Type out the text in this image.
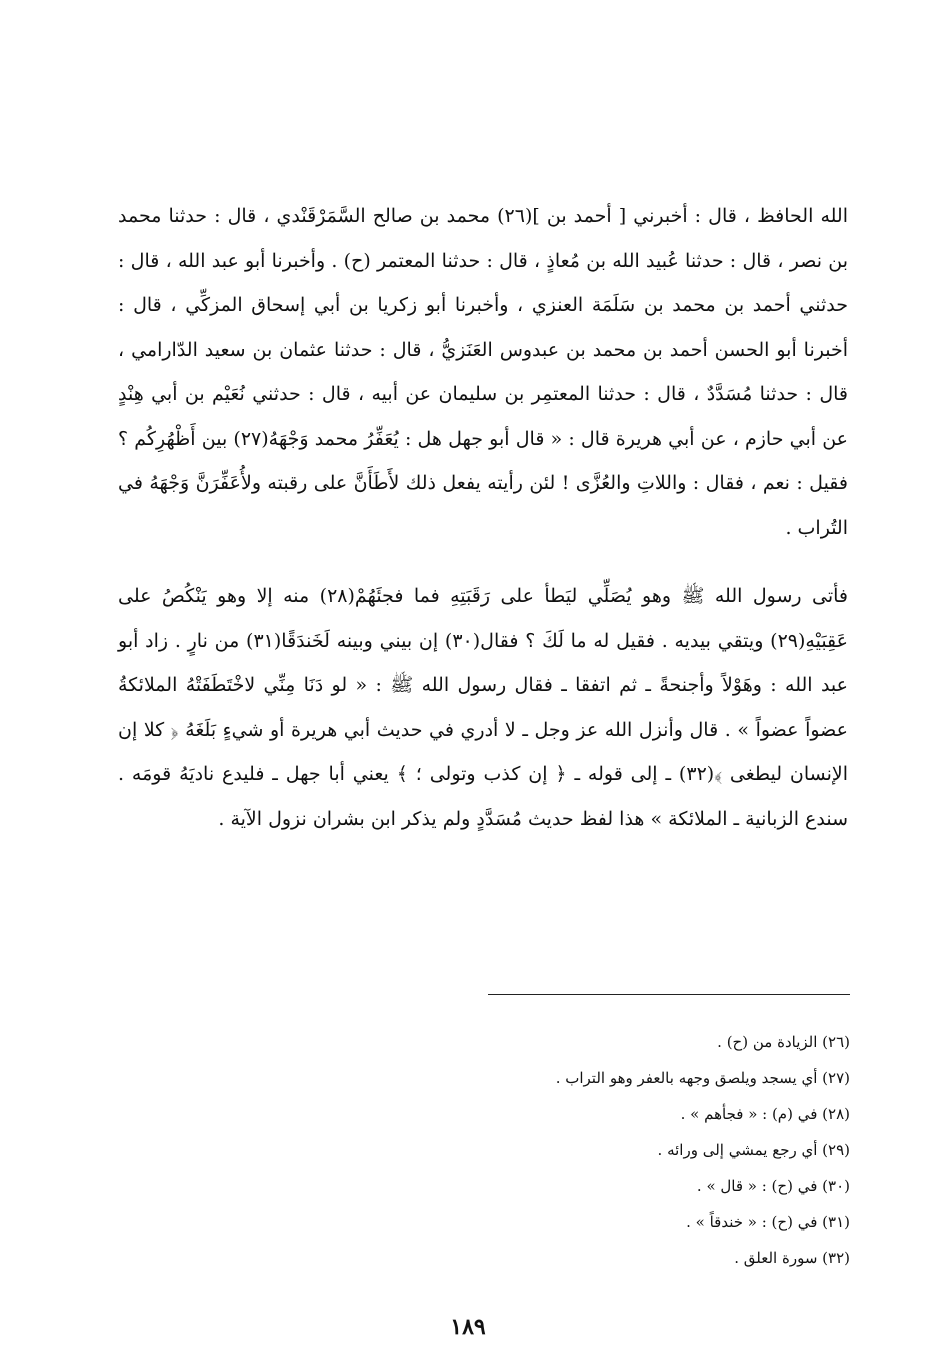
الله الحافظ ، قال : أخبرني [ أحمد بن ](٢٦) محمد بن صالح السَّمَرْقَنْدي ، قال : حدثنا محمد بن نصر ، قال : حدثنا عُبيد الله بن مُعاذٍ ، قال : حدثنا المعتمر (ح) . وأخبرنا أبو عبد الله ، قال : حدثني أحمد بن محمد بن سَلَمَة العنزي ، وأخبرنا أبو زكريا بن أبي إسحاق المزكِّي ، قال : أخبرنا أبو الحسن أحمد بن محمد بن عبدوس العَنَزيُّ ، قال : حدثنا عثمان بن سعيد الدّارامي ، قال : حدثنا مُسَدَّدٌ ، قال : حدثنا المعتمِر بن سليمان عن أبيه ، قال : حدثني نُعَيْم بن أبي هِنْدٍ عن أبي حازم ، عن أبي هريرة قال : « قال أبو جهل هل : يُعَفِّرُ محمد وَجْهَهُ(٢٧) بين أَظْهُرِكُم ؟ فقيل : نعم ، فقال : واللاتِ والعُزَّى ! لئن رأيته يفعل ذلك لأَطَأَنَّ على رقبته ولأُعَفِّرَنَّ وَجْهَهُ في التُراب .

فأتى رسول الله ﷺ وهو يُصَلِّي ليَطأ على رَقَبَتِهِ فما فجئَهُمْ(٢٨) منه إلا وهو يَنْكُصُ على عَقِبَيْهِ(٢٩) ويتقي بيديه . فقيل له ما لَكَ ؟ فقال(٣٠) إن بيني وبينه لَخَندَقًا(٣١) من نارٍ . زاد أبو عبد الله : وهَوْلاً وأجنحةً ـ ثم اتفقا ـ فقال رسول الله ﷺ : « لو دَنَا مِنِّي لاخْتَطَفَتْهُ الملائكةُ عضواً عضواً » . قال وأنزل الله عز وجل ـ لا أدري في حديث أبي هريرة أو شيءٍ بَلَغَهُ ﴿ كلا إن الإنسان ليطغى ﴾(٣٢) ـ إلى قوله ـ ﴿ إن كذب وتولى ؛ ﴾ يعني أبا جهل ـ فليدع ناديَهُ قومَه . سندع الزبانية ـ الملائكة » هذا لفظ حديث مُسَدَّدٍ ولم يذكر ابن بشران نزول الآية .

(٢٦) الزيادة من (ح) .
(٢٧) أي يسجد ويلصق وجهه بالعفر وهو التراب .
(٢٨) في (م) : « فجأهم » .
(٢٩) أي رجع يمشي إلى ورائه .
(٣٠) في (ح) : « قال » .
(٣١) في (ح) : « خندقاً » .
(٣٢) سورة العلق .
١٨٩
